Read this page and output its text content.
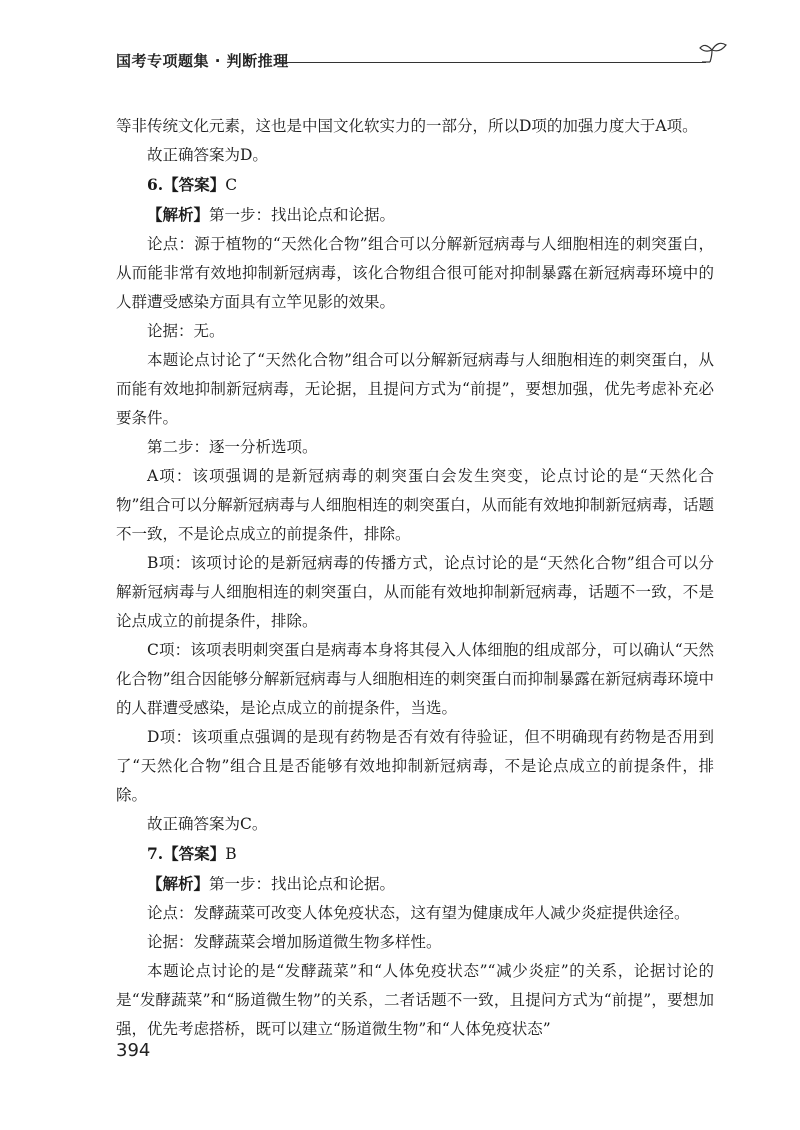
国考专项题集 · 判断推理

等非传统文化元素，这也是中国文化软实力的一部分，所以D项的加强力度大于A项。

故正确答案为D。

6.【答案】C

【解析】第一步：找出论点和论据。

论点：源于植物的“天然化合物”组合可以分解新冠病毒与人细胞相连的刺突蛋白，从而能非常有效地抑制新冠病毒，该化合物组合很可能对抑制暴露在新冠病毒环境中的人群遭受感染方面具有立竿见影的效果。

论据：无。

本题论点讨论了“天然化合物”组合可以分解新冠病毒与人细胞相连的刺突蛋白，从而能有效地抑制新冠病毒，无论据，且提问方式为“前提”，要想加强，优先考虑补充必要条件。

第二步：逐一分析选项。

A项：该项强调的是新冠病毒的刺突蛋白会发生突变，论点讨论的是“天然化合物”组合可以分解新冠病毒与人细胞相连的刺突蛋白，从而能有效地抑制新冠病毒，话题不一致，不是论点成立的前提条件，排除。

B项：该项讨论的是新冠病毒的传播方式，论点讨论的是“天然化合物”组合可以分解新冠病毒与人细胞相连的刺突蛋白，从而能有效地抑制新冠病毒，话题不一致，不是论点成立的前提条件，排除。

C项：该项表明刺突蛋白是病毒本身将其侵入人体细胞的组成部分，可以确认“天然化合物”组合因能够分解新冠病毒与人细胞相连的刺突蛋白而抑制暴露在新冠病毒环境中的人群遭受感染，是论点成立的前提条件，当选。

D项：该项重点强调的是现有药物是否有效有待验证，但不明确现有药物是否用到了“天然化合物”组合且是否能够有效地抑制新冠病毒，不是论点成立的前提条件，排除。

故正确答案为C。

7.【答案】B

【解析】第一步：找出论点和论据。

论点：发酵蔬菜可改变人体免疫状态，这有望为健康成年人减少炎症提供途径。

论据：发酵蔬菜会增加肠道微生物多样性。

本题论点讨论的是“发酵蔬菜”和“人体免疫状态”“减少炎症”的关系，论据讨论的是“发酵蔬菜”和“肠道微生物”的关系，二者话题不一致，且提问方式为“前提”，要想加强，优先考虑搭桥，既可以建立“肠道微生物”和“人体免疫状态”

394
